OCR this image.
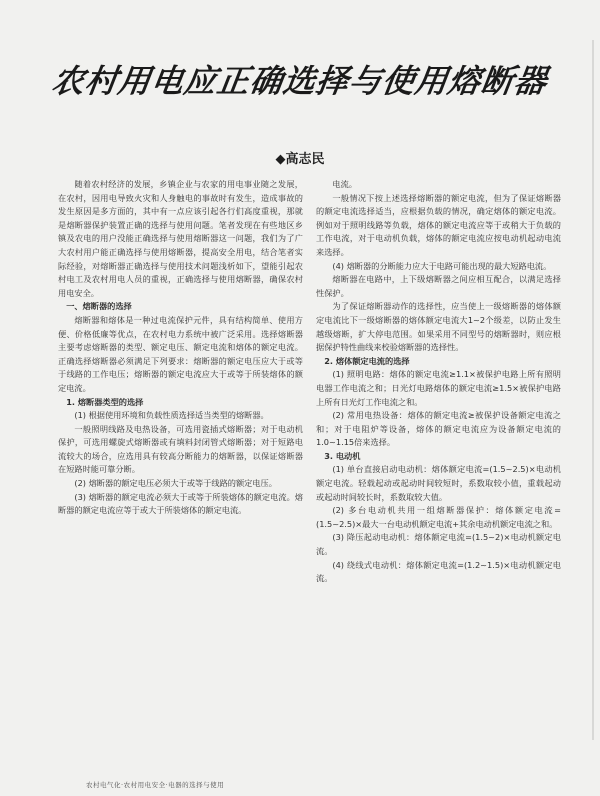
农村用电应正确选择与使用熔断器
◆高志民

随着农村经济的发展，乡镇企业与农家的用电事业随之发展，在农村，因用电导致火灾和人身触电的事故时有发生，造成事故的发生原因是多方面的，其中有一点应该引起各行们高度重视，那就是熔断器保护装置正确的选择与使用问题。笔者发现在有些地区乡镇及农电的用户没能正确选择与使用熔断器这一问题，我们为了广大农村用户能正确选择与使用熔断器，提高安全用电，结合笔者实际经验，对熔断器正确选择与使用技术问题浅析如下，望能引起农村电工及农村用电人员的重视，正确选择与使用熔断器，确保农村用电安全。

一、熔断器的选择

熔断器和熔体是一种过电流保护元件，具有结构简单、使用方便、价格低廉等优点，在农村电力系统中被广泛采用。选择熔断器主要考虑熔断器的类型、额定电压、额定电流和熔体的额定电流。正确选择熔断器必须满足下列要求：熔断器的额定电压应大于或等于线路的工作电压；熔断器的额定电流应大于或等于所装熔体的额定电流。

1. 熔断器类型的选择

(1) 根据使用环境和负载性质选择适当类型的熔断器。

一般照明线路及电热设备，可选用瓷插式熔断器；对于电动机保护，可选用螺旋式熔断器或有填料封闭管式熔断器；对于短路电流较大的场合，应选用具有较高分断能力的熔断器，以保证熔断器在短路时能可靠分断。

(2) 熔断器的额定电压必须大于或等于线路的额定电压。

(3) 熔断器的额定电流必须大于或等于所装熔体的额定电流。熔断器的额定电流应等于或大于所装熔体的额定电流。

电流。

一般情况下按上述选择熔断器的额定电流，但为了保证熔断器的额定电流选择适当，应根据负载的情况，确定熔体的额定电流。例如对于照明线路等负载，熔体的额定电流应等于或稍大于负载的工作电流，对于电动机负载，熔体的额定电流应按电动机起动电流来选择。

(4) 熔断器的分断能力应大于电路可能出现的最大短路电流。

熔断器在电路中，上下级熔断器之间应相互配合，以满足选择性保护。

为了保证熔断器动作的选择性，应当使上一级熔断器的熔体额定电流比下一级熔断器的熔体额定电流大1~2个级差，以防止发生越级熔断，扩大停电范围。如果采用不同型号的熔断器时，则应根据保护特性曲线来校验熔断器的选择性。

2. 熔体额定电流的选择

(1) 照明电路：熔体的额定电流≥1.1×被保护电路上所有照明电器工作电流之和；日光灯电路熔体的额定电流≥1.5×被保护电路上所有日光灯工作电流之和。

(2) 常用电热设备：熔体的额定电流≥被保护设备额定电流之和；对于电阻炉等设备，熔体的额定电流应为设备额定电流的1.0~1.15倍来选择。

3. 电动机

(1) 单台直接启动电动机：熔体额定电流=(1.5~2.5)×电动机额定电流。轻载起动或起动时间较短时，系数取较小值，重载起动或起动时间较长时，系数取较大值。

(2) 多台电动机共用一组熔断器保护：熔体额定电流=(1.5~2.5)×最大一台电动机额定电流+其余电动机额定电流之和。

(3) 降压起动电动机：熔体额定电流=(1.5~2)×电动机额定电流。

(4) 绕线式电动机：熔体额定电流=(1.2~1.5)×电动机额定电流。

农村电气化·农村用电安全·电器的选择与使用
